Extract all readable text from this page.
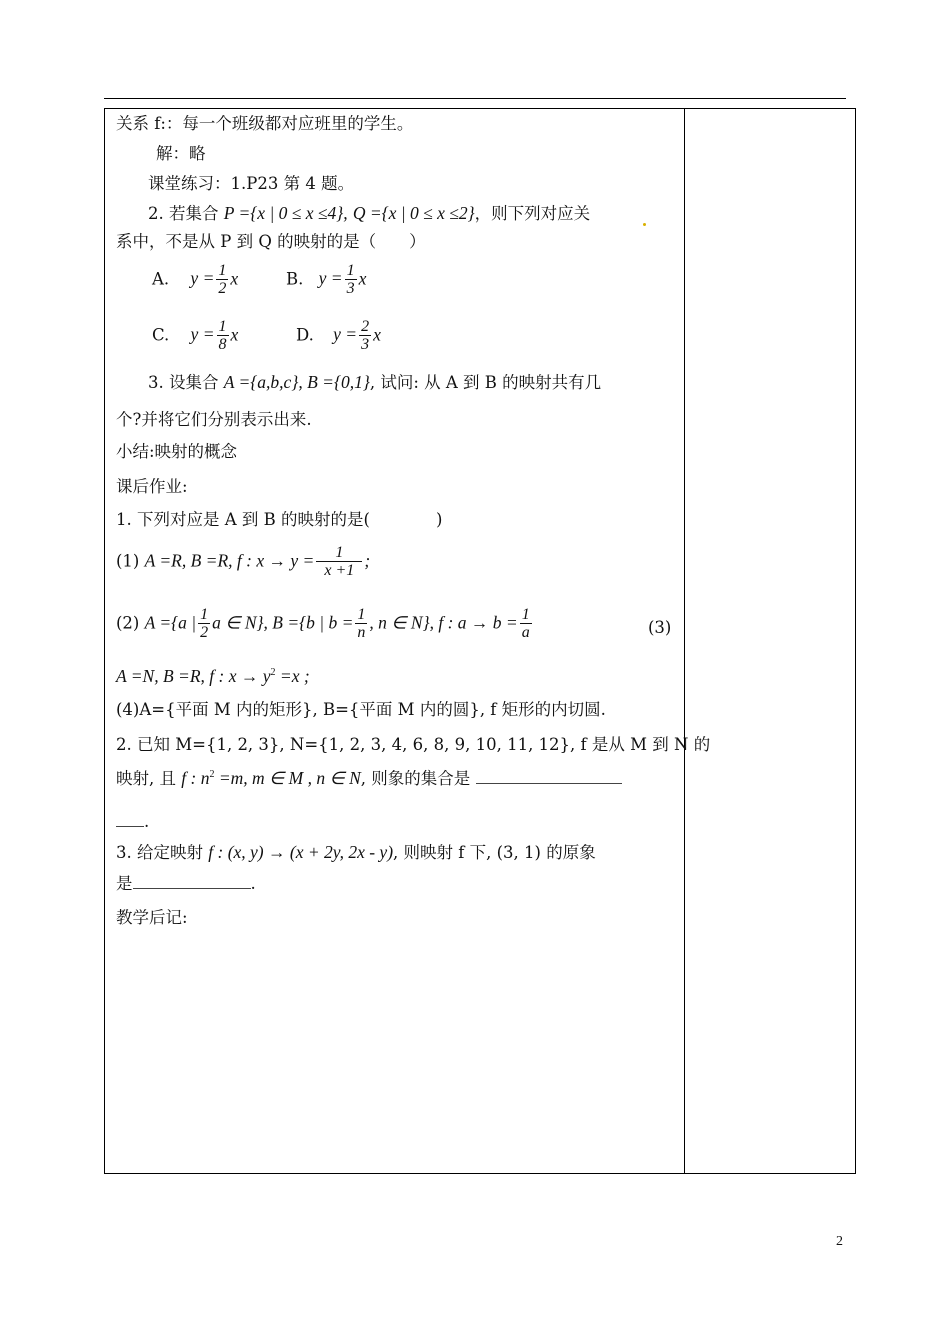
关系 f:：每一个班级都对应班里的学生。
解：略
课堂练习：1.P23 第 4 题。
2. 若集合 P ={x | 0 ≤ x ≤4}, Q ={x | 0 ≤ x ≤2}，则下列对应关
系中，不是从 P 到 Q 的映射的是（　　）
A. $y = \frac{1}{2}$ x	B. $y = \frac{1}{3}$ x
C. $y = \frac{1}{8}$ x	D. $y = \frac{2}{3}$ x
3. 设集合 A ={a,b,c}, B ={0,1}, 试问: 从 A 到 B 的映射共有几
个?并将它们分别表示出来.
小结:映射的概念
课后作业:
1. 下列对应是 A 到 B 的映射的是(　　　　)
(1) A =R, B =R, f : $x \to y = \frac{1}{x +1}$ ;
(2) A ={a | $\frac{1}{2}$ a ∈ N}, B ={b | $b = \frac{1}{n}$ , n ∈ N}, f : $a \to b = \frac{1}{a}$	(3)
A =N, B =R, f : $x \to y^2 =x$ ;
(4)A={平面 M 内的矩形}, B={平面 M 内的圆}, f 矩形的内切圆.
2. 已知 M={1, 2, 3}, N={1, 2, 3, 4, 6, 8, 9, 10, 11, 12}, f 是从 M 到 N 的
映射, 且 f : $n^2 =m$, m ∈ M , n ∈ N, 则象的集合是
.
3. 给定映射 f : (x, y) → (x + 2y, 2x - y), 则映射 f 下, (3, 1) 的原象
是	.
教学后记:
2
